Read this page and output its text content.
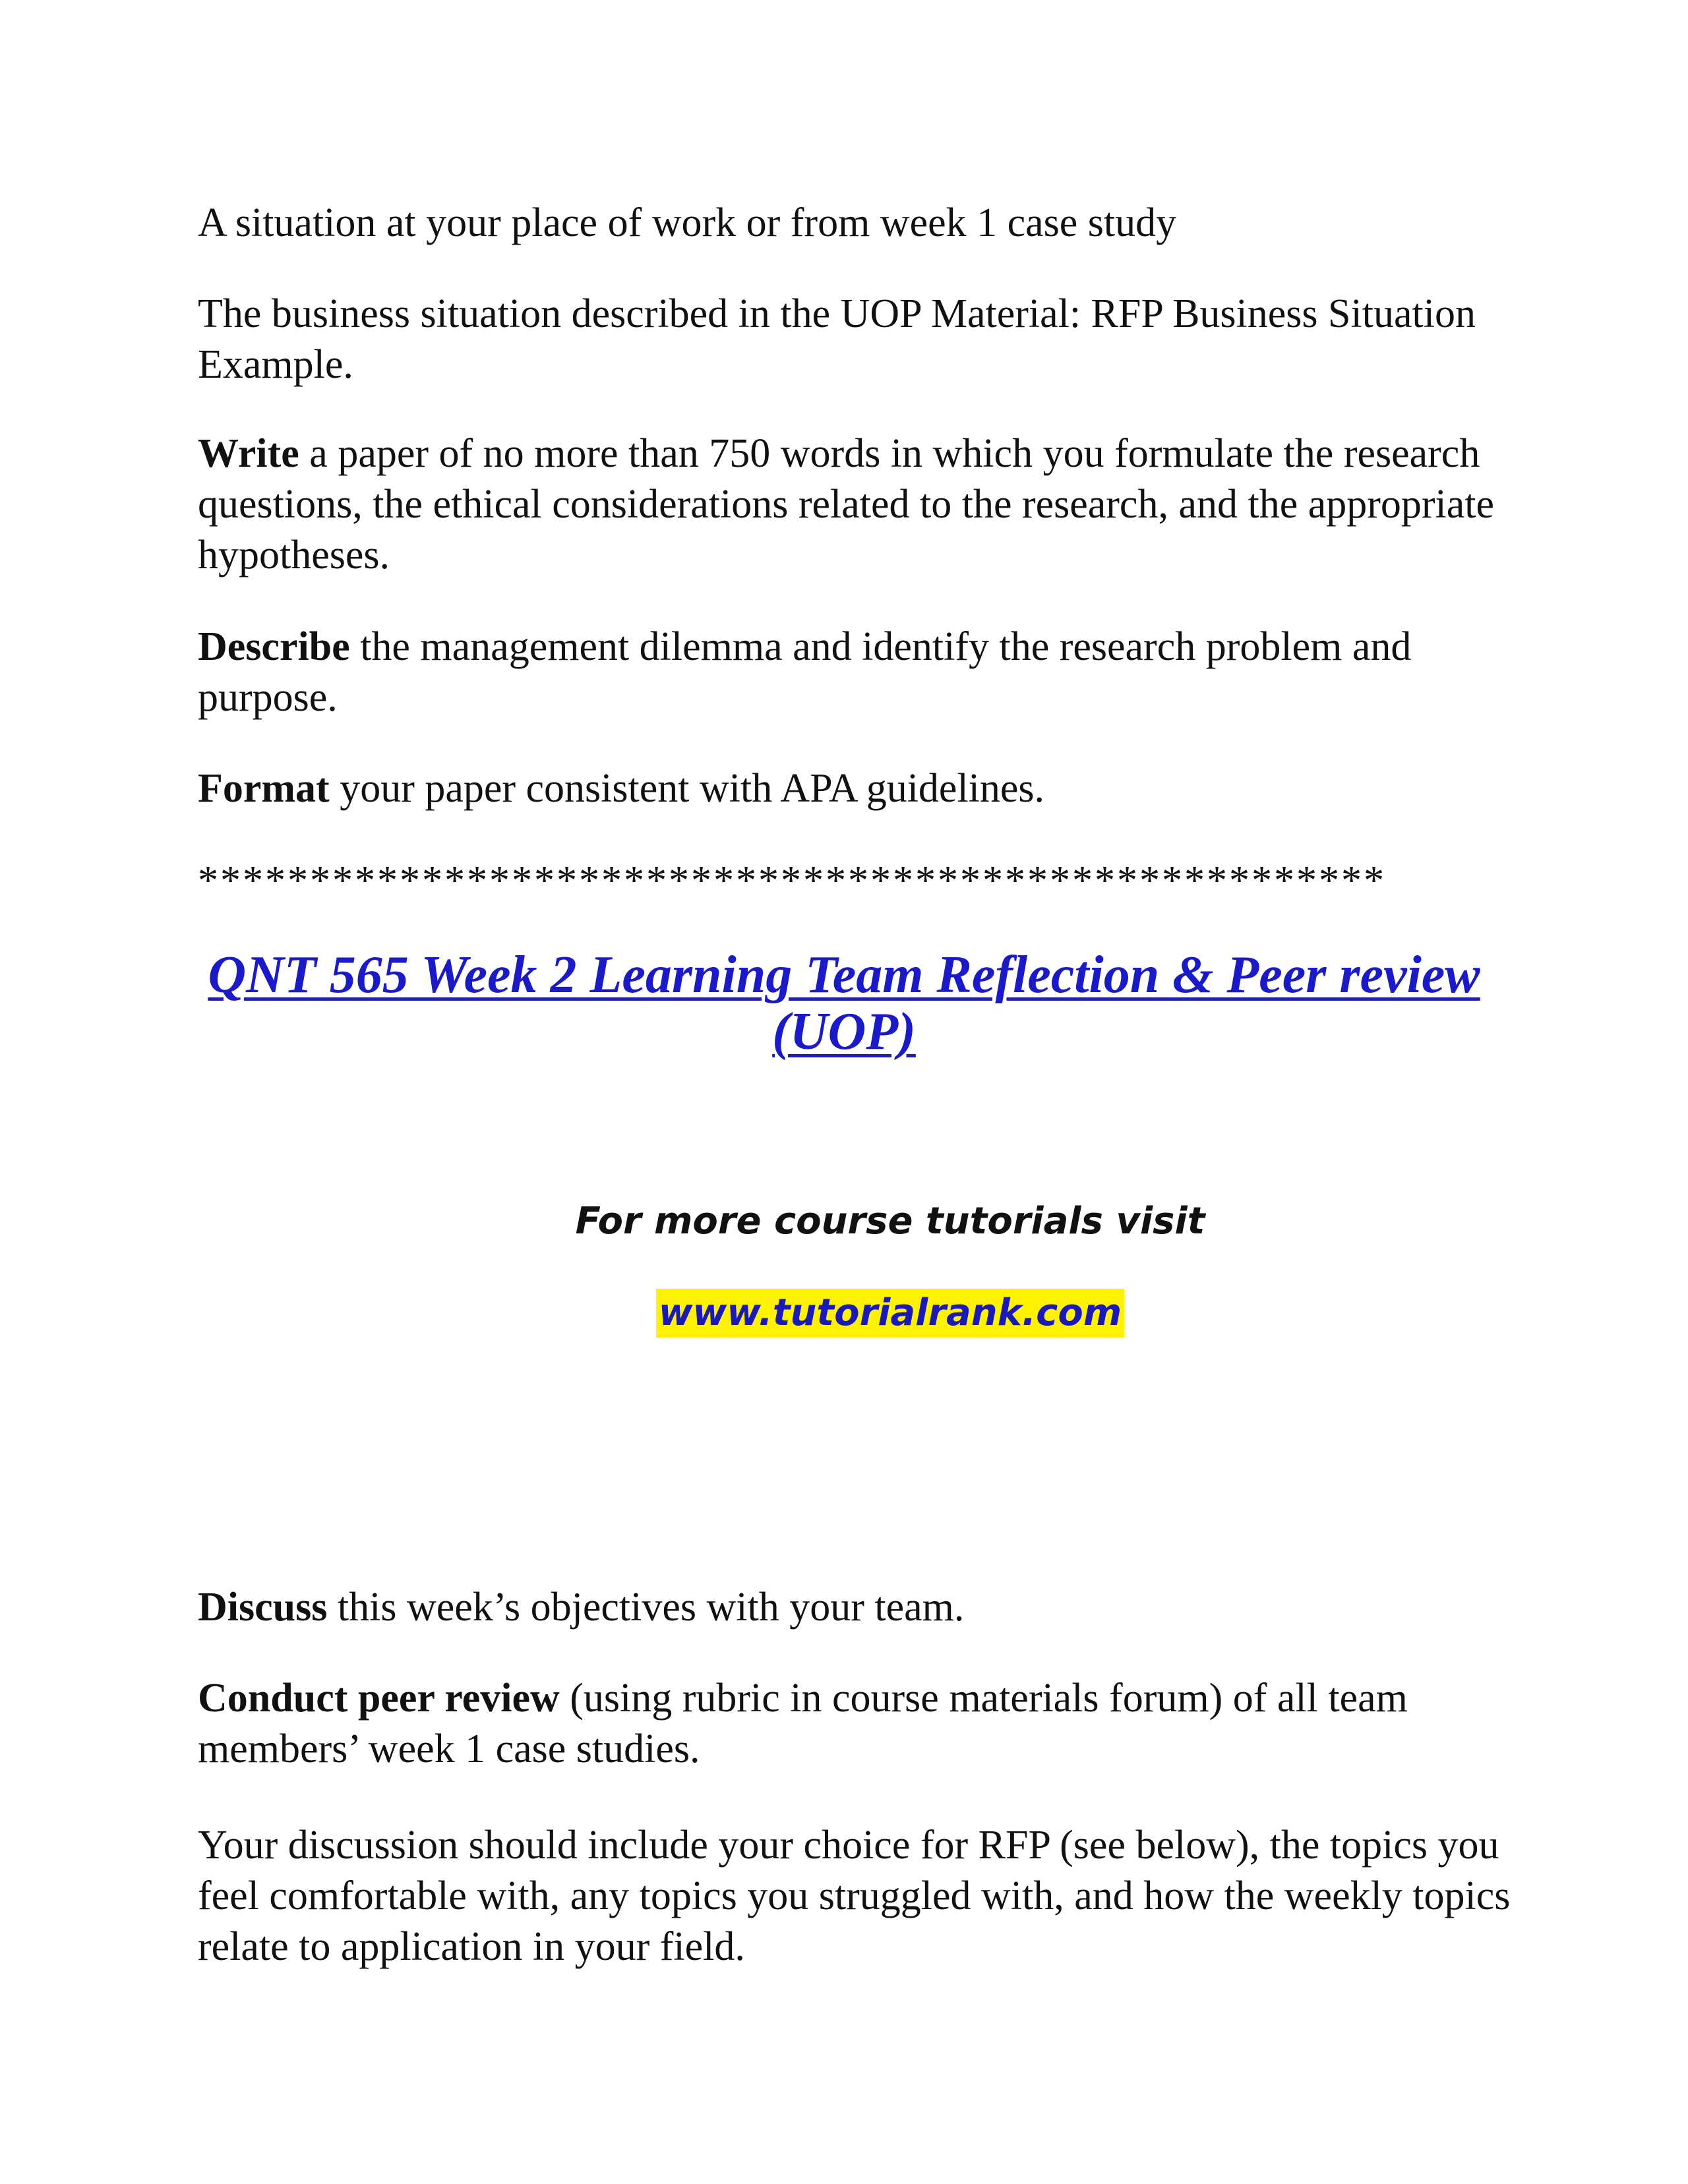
A situation at your place of work or from week 1 case study

The business situation described in the UOP Material: RFP Business Situation Example.

Write a paper of no more than 750 words in which you formulate the research questions, the ethical considerations related to the research, and the appropriate hypotheses.

Describe the management dilemma and identify the research problem and purpose.

Format your paper consistent with APA guidelines.

*****************************************************
QNT 565 Week 2 Learning Team Reflection & Peer review (UOP)
For more course tutorials visit
www.tutorialrank.com

Discuss this week’s objectives with your team.

Conduct peer review (using rubric in course materials forum) of all team members’ week 1 case studies.

Your discussion should include your choice for RFP (see below), the topics you feel comfortable with, any topics you struggled with, and how the weekly topics relate to application in your field.
